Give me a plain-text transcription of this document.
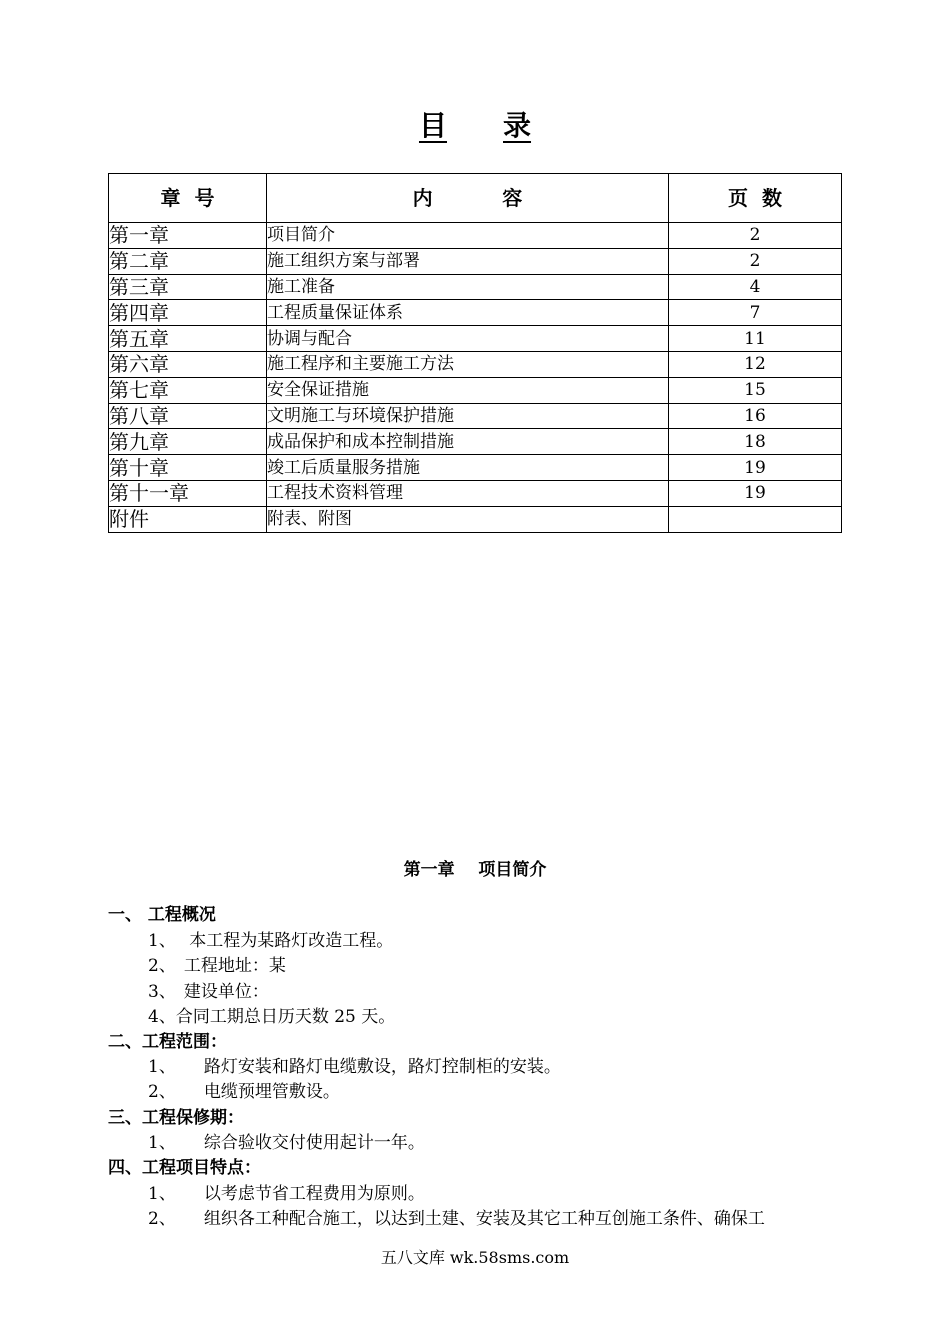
目 录
章  号	内          容	页  数
第一章	项目简介	2
第二章	施工组织方案与部署	2
第三章	施工准备	4
第四章	工程质量保证体系	7
第五章	协调与配合	11
第六章	施工程序和主要施工方法	12
第七章	安全保证措施	15
第八章	文明施工与环境保护措施	16
第九章	成品保护和成本控制措施	18
第十章	竣工后质量服务措施	19
第十一章	工程技术资料管理	19
附件	附表、附图	
第一章    项目简介
一、 工程概况
1、 本工程为某路灯改造工程。
2、 工程地址：某
3、 建设单位：
4、合同工期总日历天数 25 天。
二、工程范围：
1、 路灯安装和路灯电缆敷设，路灯控制柜的安装。
2、 电缆预埋管敷设。
三、工程保修期：
1、 综合验收交付使用起计一年。
四、工程项目特点：
1、 以考虑节省工程费用为原则。
2、 组织各工种配合施工，以达到土建、安装及其它工种互创施工条件、确保工
五八文库 wk.58sms.com
